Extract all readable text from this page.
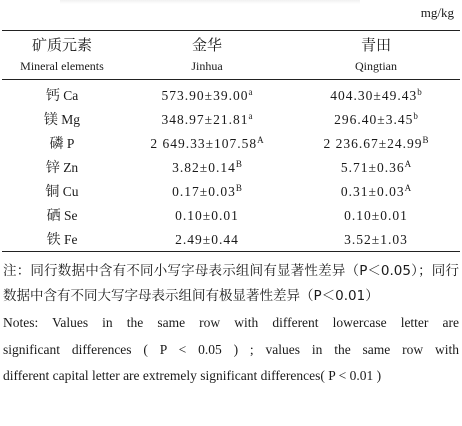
mg/kg
矿质元素	金华	青田
Mineral elements	Jinhua	Qingtian
钙 Ca	573.90±39.00$^a$	404.30±49.43$^b$
镁 Mg	348.97±21.81$^a$	296.40±3.45$^b$
磷 P	2 $649.33\pm 107.58^A$	2 $236.67\pm 24.99^B$
锌 Zn	$3.82\pm 0.14^B$	$5.71\pm 0.36^A$
铜 Cu	$0.17\pm 0.03^B$	$0.31\pm 0.03^A$
硒 Se	0.10±0.01	0.10±0.01
铁 Fe	2.49±0.44	3.52±1.03

注：同行数据中含有不同小写字母表示组间有显著性差异（P＜0.05）；同行数据中含有不同大写字母表示组间有极显著性差异（P＜0.01）

Notes: Values in the same row with different lowercase letter are

significant differences ( P < 0.05 ) ; values in the same row with

different capital letter are extremely significant differences( P < 0.01 )
